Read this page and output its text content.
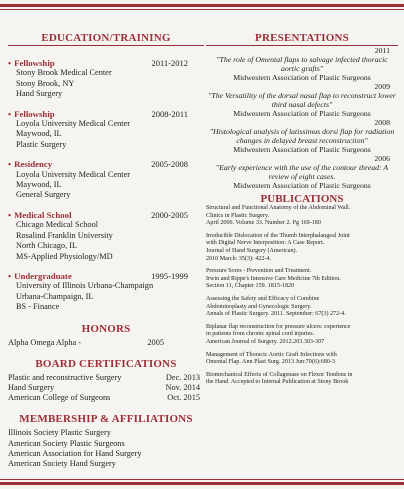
EDUCATION/TRAINING
• Fellowship	2011-2012
Stony Brook Medical Center
Stony Brook, NY
Hand Surgery
• Fellowship	2008-2011
Loyola University Medical Center
Maywood, IL
Plastic Surgery
• Residency	2005-2008
Loyola University Medical Center
Maywood, IL
General Surgery
• Medical School	2000-2005
Chicago Medical School
Rosalind Franklin University
North Chicago, IL
MS-Applied Physiology/MD
• Undergraduate	1995-1999
University of Illinois Urbana-Champaign
Urbana-Champaign, IL
BS - Finance
HONORS
Alpha Omega Alpha -	2005
BOARD CERTIFICATIONS
Plastic and reconstructive Surgery	Dec. 2013
Hand Surgery	Nov. 2014
American College of Surgeons	Oct. 2015
MEMBERSHIP & AFFILIATIONS
Illinois Society Plastic Surgery
American Society Plastic Surgeons
American Association for Hand Surgery
American Society Hand Surgery
PRESENTATIONS
2011
"The role of Omental flaps to salvage infected thoracic aortic grafts"
Midwestern Association of Plastic Surgeons
2009
"The Versatility of the dorsal nasal flap to reconstruct lower third nasal defects"
Midwestern Association of Plastic Surgeons
2008
"Histological analysis of latissimus dorsi flap for radiation changes in delayed breast reconstruction"
Midwestern Association of Plastic Surgeons
2006
"Early experience with the use of the contour thread: A review of eight cases.
Midwestern Association of Plastic Surgeons
PUBLICATIONS

Structural and Functional Anatomy of the Abdominal Wall.

Clinics in Plastic Surgery.

April 2006. Volume 33. Number 2. Pg 169-180

Irreducible Dislocation of the Thumb Interphalangeal Joint

with Digital Nerve Interposition: A Case Report.

Journal of Hand Surgery (American).

2010 March: 35(3): 422-4.

Pressure Sores - Prevention and Treatment.

Irwin and Rippe's Intensive Care Medicine 7th Edition.

Section 11, Chapter 159. 1815-1820

Assessing the Safety and Efficacy of Combine

Abdominoplasty and Gynecologic Surgery.

Annals of Plastic Surgery. 2011. September: 67(3) 272-4.

Biplanar flap reconstruction for pressure ulcers: experience

in patients from chronic spinal cord injuries.

American Journal of Surgery. 2012.203.303-307

Management of Thoracic Aortic Graft Infections with

Omental Flap. Ann Plast Surg. 2013 Jun:70(6):680-3

Biomechanical Effects of Collagenase on Flexor Tendons in

the Hand. Accepted to Internal Publication at Stony Brook
